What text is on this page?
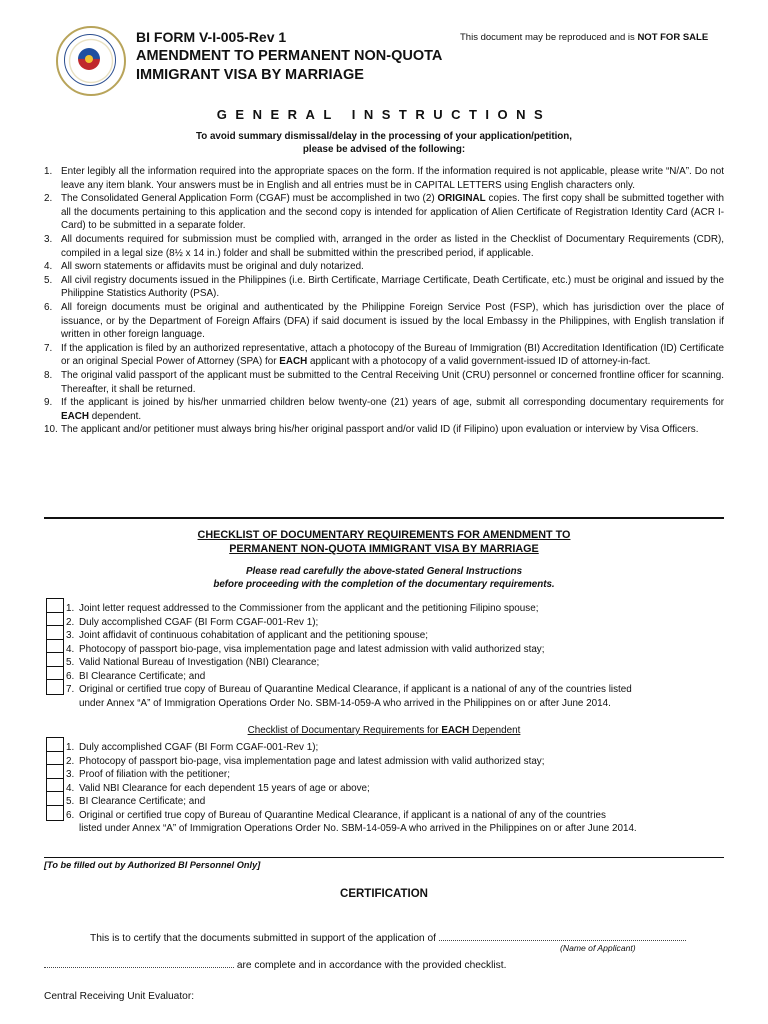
BI FORM V-I-005-Rev 1	This document may be reproduced and is NOT FOR SALE
AMENDMENT TO PERMANENT NON-QUOTA
IMMIGRANT VISA BY MARRIAGE
GENERAL INSTRUCTIONS
To avoid summary dismissal/delay in the processing of your application/petition,
please be advised of the following:
1. Enter legibly all the information required into the appropriate spaces on the form. If the information required is not applicable, please write “N/A”. Do not leave any item blank. Your answers must be in English and all entries must be in CAPITAL LETTERS using English characters only.
2. The Consolidated General Application Form (CGAF) must be accomplished in two (2) ORIGINAL copies. The first copy shall be submitted together with all the documents pertaining to this application and the second copy is intended for application of Alien Certificate of Registration Identity Card (ACR I-Card) to be submitted in a separate folder.
3. All documents required for submission must be complied with, arranged in the order as listed in the Checklist of Documentary Requirements (CDR), compiled in a legal size (8½ x 14 in.) folder and shall be submitted within the prescribed period, if applicable.
4. All sworn statements or affidavits must be original and duly notarized.
5. All civil registry documents issued in the Philippines (i.e. Birth Certificate, Marriage Certificate, Death Certificate, etc.) must be original and issued by the Philippine Statistics Authority (PSA).
6. All foreign documents must be original and authenticated by the Philippine Foreign Service Post (FSP), which has jurisdiction over the place of issuance, or by the Department of Foreign Affairs (DFA) if said document is issued by the local Embassy in the Philippines, with English translation if written in other foreign language.
7. If the application is filed by an authorized representative, attach a photocopy of the Bureau of Immigration (BI) Accreditation Identification (ID) Certificate or an original Special Power of Attorney (SPA) for EACH applicant with a photocopy of a valid government-issued ID of attorney-in-fact.
8. The original valid passport of the applicant must be submitted to the Central Receiving Unit (CRU) personnel or concerned frontline officer for scanning. Thereafter, it shall be returned.
9. If the applicant is joined by his/her unmarried children below twenty-one (21) years of age, submit all corresponding documentary requirements for EACH dependent.
10. The applicant and/or petitioner must always bring his/her original passport and/or valid ID (if Filipino) upon evaluation or interview by Visa Officers.
CHECKLIST OF DOCUMENTARY REQUIREMENTS FOR AMENDMENT TO
PERMANENT NON-QUOTA IMMIGRANT VISA BY MARRIAGE
Please read carefully the above-stated General Instructions
before proceeding with the completion of the documentary requirements.
1. Joint letter request addressed to the Commissioner from the applicant and the petitioning Filipino spouse;
2. Duly accomplished CGAF (BI Form CGAF-001-Rev 1);
3. Joint affidavit of continuous cohabitation of applicant and the petitioning spouse;
4. Photocopy of passport bio-page, visa implementation page and latest admission with valid authorized stay;
5. Valid National Bureau of Investigation (NBI) Clearance;
6. BI Clearance Certificate; and
7. Original or certified true copy of Bureau of Quarantine Medical Clearance, if applicant is a national of any of the countries listed
under Annex “A” of Immigration Operations Order No. SBM-14-059-A who arrived in the Philippines on or after June 2014.
Checklist of Documentary Requirements for EACH Dependent
1. Duly accomplished CGAF (BI Form CGAF-001-Rev 1);
2. Photocopy of passport bio-page, visa implementation page and latest admission with valid authorized stay;
3. Proof of filiation with the petitioner;
4. Valid NBI Clearance for each dependent 15 years of age or above;
5. BI Clearance Certificate; and
6. Original or certified true copy of Bureau of Quarantine Medical Clearance, if applicant is a national of any of the countries
listed under Annex “A” of Immigration Operations Order No. SBM-14-059-A who arrived in the Philippines on or after June 2014.
[To be filled out by Authorized BI Personnel Only]
CERTIFICATION
This is to certify that the documents submitted in support of the application of
(Name of Applicant)
are complete and in accordance with the provided checklist.
Central Receiving Unit Evaluator:
